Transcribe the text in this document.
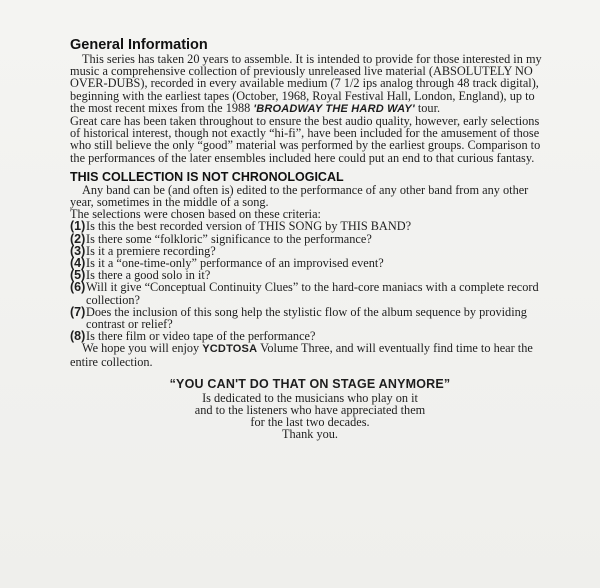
General Information

This series has taken 20 years to assemble. It is intended to provide for those interested in my music a comprehensive collection of previously unreleased live material (ABSOLUTELY NO OVER-DUBS), recorded in every available medium (7 1/2 ips analog through 48 track digital), beginning with the earliest tapes (October, 1968, Royal Festival Hall, London, England), up to the most recent mixes from the 1988 'BROADWAY THE HARD WAY' tour.

Great care has been taken throughout to ensure the best audio quality, however, early selections of historical interest, though not exactly “hi-fi”, have been included for the amusement of those who still believe the only “good” material was performed by the earliest groups. Comparison to the performances of the later ensembles included here could put an end to that curious fantasy.

THIS COLLECTION IS NOT CHRONOLOGICAL

Any band can be (and often is) edited to the performance of any other band from any other year, sometimes in the middle of a song.

The selections were chosen based on these criteria:

(1) Is this the best recorded version of THIS SONG by THIS BAND?
(2) Is there some “folkloric” significance to the performance?
(3) Is it a premiere recording?
(4) Is it a “one-time-only” performance of an improvised event?
(5) Is there a good solo in it?
(6) Will it give “Conceptual Continuity Clues” to the hard-core maniacs with a complete record collection?
(7) Does the inclusion of this song help the stylistic flow of the album sequence by providing contrast or relief?
(8) Is there film or video tape of the performance?

We hope you will enjoy YCDTOSA Volume Three, and will eventually find time to hear the entire collection.

“YOU CAN'T DO THAT ON STAGE ANYMORE”
Is dedicated to the musicians who play on it
and to the listeners who have appreciated them
for the last two decades.
Thank you.
